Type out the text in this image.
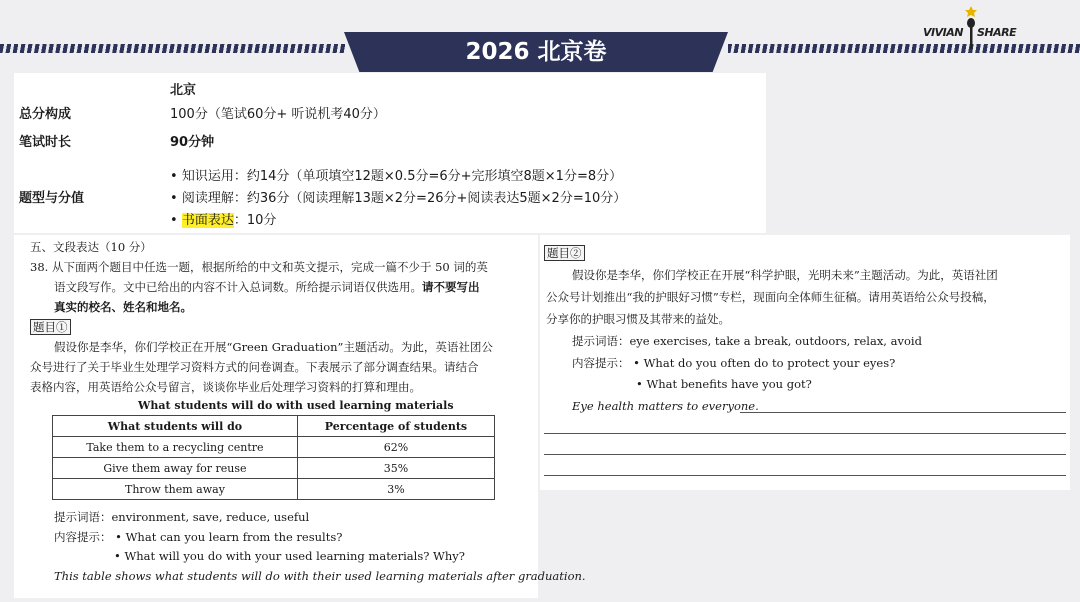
2026 北京卷
VIVIAN SHARE
北京
总分构成	100分（笔试60分+ 听说机考40分）
笔试时长	90分钟
题型与分值
• 知识运用：约14分（单项填空12题×0.5分=6分+完形填空8题×1分=8分）
• 阅读理解：约36分（阅读理解13题×2分=26分+阅读表达5题×2分=10分）
• 书面表达：10分
五、文段表达（10 分）
38. 从下面两个题目中任选一题，根据所给的中文和英文提示，完成一篇不少于 50 词的英
语文段写作。文中已给出的内容不计入总词数。所给提示词语仅供选用。请不要写出
真实的校名、姓名和地名。
题目①
假设你是李华，你们学校正在开展“Green Graduation”主题活动。为此，英语社团公
众号进行了关于毕业生处理学习资料方式的问卷调查。下表展示了部分调查结果。请结合
表格内容，用英语给公众号留言，谈谈你毕业后处理学习资料的打算和理由。
What students will do with used learning materials
What students will do	Percentage of students
Take them to a recycling centre	62%
Give them away for reuse	35%
Throw them away	3%
提示词语：environment, save, reduce, useful
内容提示： • What can you learn from the results?
• What will you do with your used learning materials? Why?
This table shows what students will do with their used learning materials after graduation.
题目②
假设你是李华，你们学校正在开展“科学护眼，光明未来”主题活动。为此，英语社团
公众号计划推出“我的护眼好习惯”专栏，现面向全体师生征稿。请用英语给公众号投稿，
分享你的护眼习惯及其带来的益处。
提示词语：eye exercises, take a break, outdoors, relax, avoid
内容提示： • What do you often do to protect your eyes?
• What benefits have you got?
Eye health matters to everyone.
